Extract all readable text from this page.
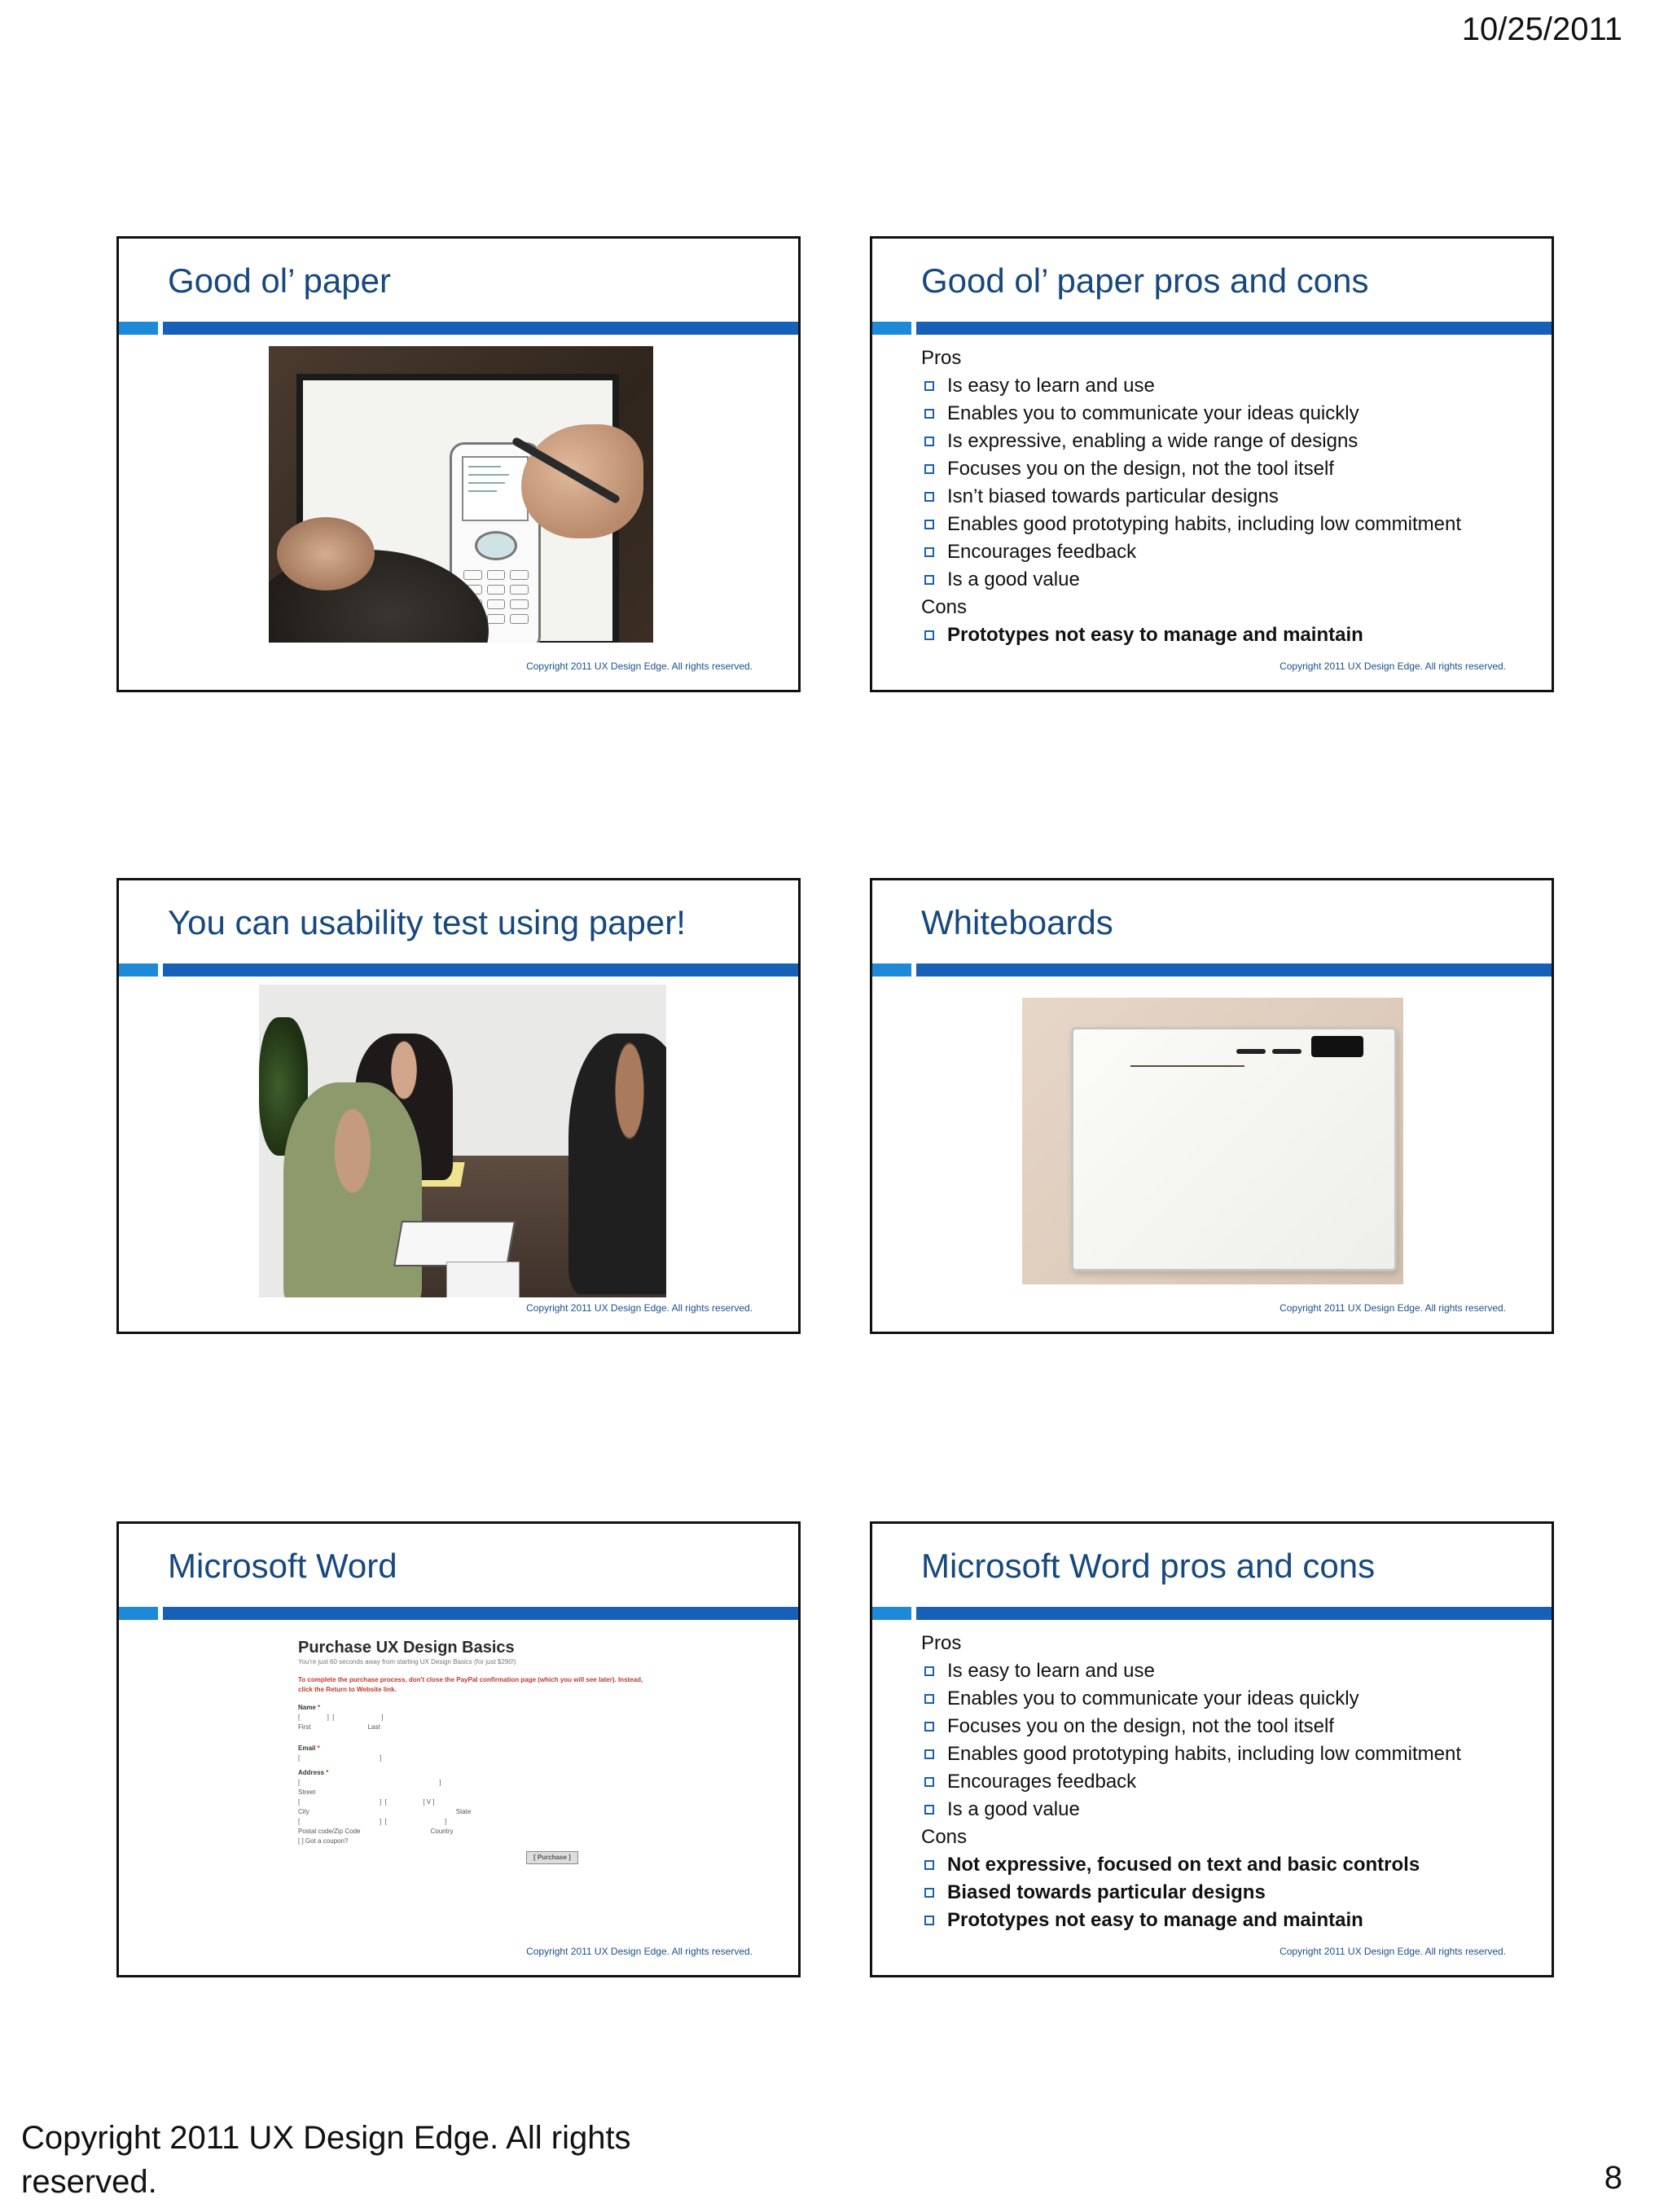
10/25/2011
Good ol’ paper
Copyright 2011 UX Design Edge. All rights reserved.
Good ol’ paper pros and cons
Pros
Is easy to learn and use
Enables you to communicate your ideas quickly
Is expressive, enabling a wide range of designs
Focuses you on the design, not the tool itself
Isn’t biased towards particular designs
Enables good prototyping habits, including low commitment
Encourages feedback
Is a good value
Cons
Prototypes not easy to manage and maintain
Copyright 2011 UX Design Edge. All rights reserved.
You can usability test using paper!
Copyright 2011 UX Design Edge. All rights reserved.
Whiteboards
Copyright 2011 UX Design Edge. All rights reserved.
Microsoft Word
Purchase UX Design Basics
You're just 60 seconds away from starting UX Design Basics (for just $290!)
To complete the purchase process, don't close the PayPal confirmation page (which you will see later). Instead, click the Return to Website link.
Name *
[               ]  [                          ]
First	Last
Email *
[                                            ]
Address *
[                                                                             ]
Street
[                                            ]  [                    [ V ]
City	State
[                                            ]  [                                ]
Postal code/Zip Code	Country
[ ] Got a coupon?
[ Purchase ]
Copyright 2011 UX Design Edge. All rights reserved.
Microsoft Word pros and cons
Pros
Is easy to learn and use
Enables you to communicate your ideas quickly
Focuses you on the design, not the tool itself
Enables good prototyping habits, including low commitment
Encourages feedback
Is a good value
Cons
Not expressive, focused on text and basic controls
Biased towards particular designs
Prototypes not easy to manage and maintain
Copyright 2011 UX Design Edge. All rights reserved.
Copyright 2011 UX Design Edge. All rights reserved.	8
